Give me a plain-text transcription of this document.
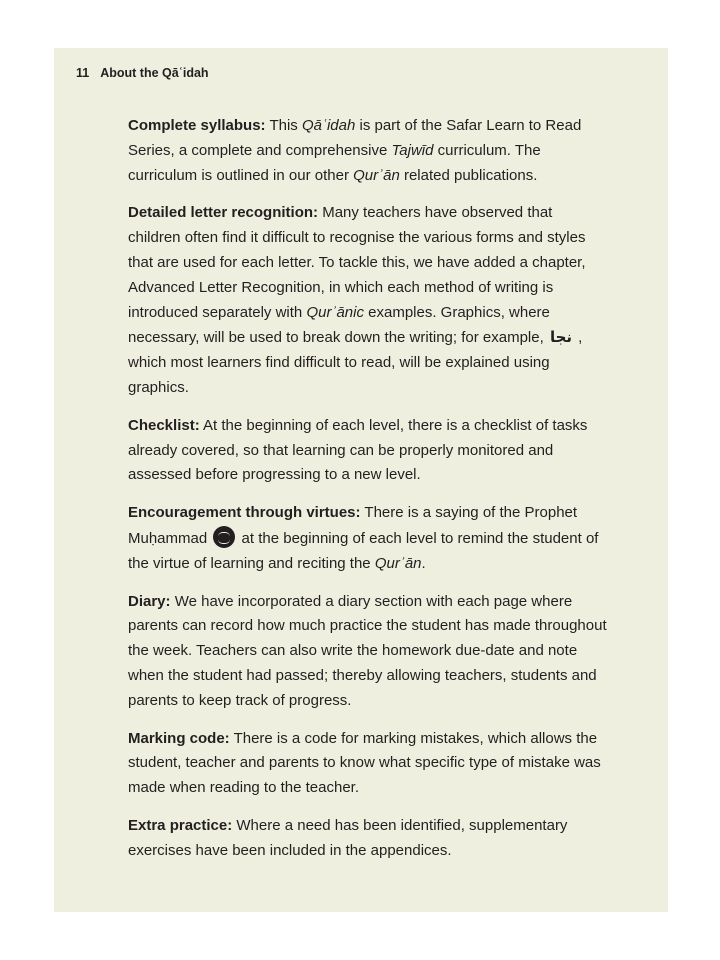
11 About the Qāʿidah

Complete syllabus: This Qāʿidah is part of the Safar Learn to Read Series, a complete and comprehensive Tajwīd curriculum. The curriculum is outlined in our other Qurʾān related publications.

Detailed letter recognition: Many teachers have observed that children often find it difficult to recognise the various forms and styles that are used for each letter. To tackle this, we have added a chapter, Advanced Letter Recognition, in which each method of writing is introduced separately with Qurʾānic examples. Graphics, where necessary, will be used to break down the writing; for example, نجا , which most learners find difficult to read, will be explained using graphics.

Checklist: At the beginning of each level, there is a checklist of tasks already covered, so that learning can be properly monitored and assessed before progressing to a new level.

Encouragement through virtues: There is a saying of the Prophet Muḥammad  at the beginning of each level to remind the student of the virtue of learning and reciting the Qurʾān.

Diary: We have incorporated a diary section with each page where parents can record how much practice the student has made throughout the week. Teachers can also write the homework due-date and note when the student had passed; thereby allowing teachers, students and parents to keep track of progress.

Marking code: There is a code for marking mistakes, which allows the student, teacher and parents to know what specific type of mistake was made when reading to the teacher.

Extra practice: Where a need has been identified, supplementary exercises have been included in the appendices.
